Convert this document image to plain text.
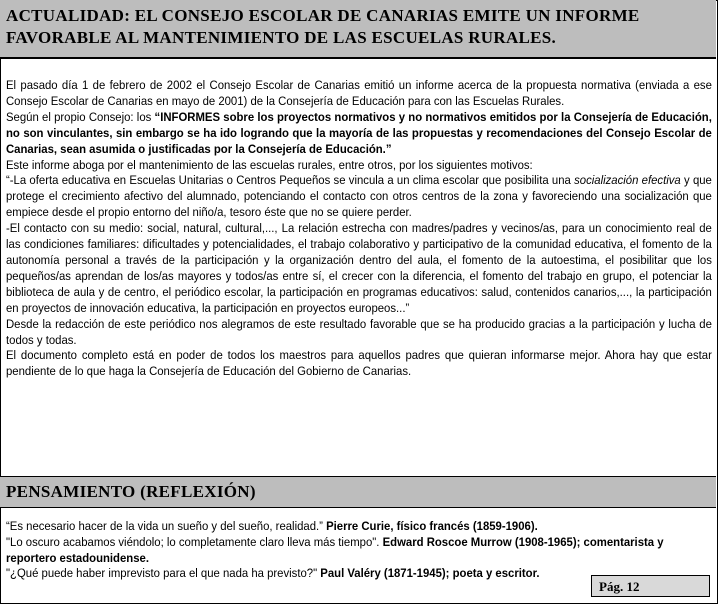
ACTUALIDAD: EL CONSEJO ESCOLAR DE CANARIAS EMITE UN INFORME FAVORABLE AL MANTENIMIENTO DE LAS ESCUELAS RURALES.

El pasado día 1 de febrero de 2002 el Consejo Escolar de Canarias emitió un informe acerca de la propuesta normativa (enviada a ese Consejo Escolar de Canarias en mayo de 2001) de la Consejería de Educación para con las Escuelas Rurales.

Según el propio Consejo: los “INFORMES sobre los proyectos normativos y no normativos emitidos por la Consejería de Educación, no son vinculantes, sin embargo se ha ido logrando que la mayoría de las propuestas y recomendaciones del Consejo Escolar de Canarias, sean asumida o justificadas por la Consejería de Educación.”

Este informe aboga por el mantenimiento de las escuelas rurales, entre otros, por los siguientes motivos:

“-La oferta educativa en Escuelas Unitarias o Centros Pequeños se vincula a un clima escolar que posibilita una socialización efectiva y que protege el crecimiento afectivo del alumnado, potenciando el contacto con otros centros de la zona y favoreciendo una socialización que empiece desde el propio entorno del niño/a, tesoro éste que no se quiere perder.

-El contacto con su medio: social, natural, cultural,..., La relación estrecha con madres/padres y vecinos/as, para un conocimiento real de las condiciones familiares: dificultades y potencialidades, el trabajo colaborativo y participativo de la comunidad educativa, el fomento de la autonomía personal a través de la participación y la organización dentro del aula, el fomento de la autoestima, el posibilitar que los pequeños/as aprendan de los/as mayores y todos/as entre sí, el crecer con la diferencia, el fomento del trabajo en grupo, el potenciar la biblioteca de aula y de centro, el periódico escolar, la participación en programas educativos: salud, contenidos canarios,..., la participación en proyectos de innovación educativa, la participación en proyectos europeos...”

Desde la redacción de este periódico nos alegramos de este resultado favorable que se ha producido gracias a la participación y lucha de todos y todas.

El documento completo está en poder de todos los maestros para aquellos padres que quieran informarse mejor. Ahora hay que estar pendiente de lo que haga la Consejería de Educación del Gobierno de Canarias.

PENSAMIENTO (REFLEXIÓN)

“Es necesario hacer de la vida un sueño y del sueño, realidad.” Pierre Curie, físico francés (1859-1906).

"Lo oscuro acabamos viéndolo; lo completamente claro lleva más tiempo". Edward Roscoe Murrow (1908-1965); comentarista y reportero estadounidense.

"¿Qué puede haber imprevisto para el que nada ha previsto?" Paul Valéry (1871-1945); poeta y escritor.

Pág. 12
